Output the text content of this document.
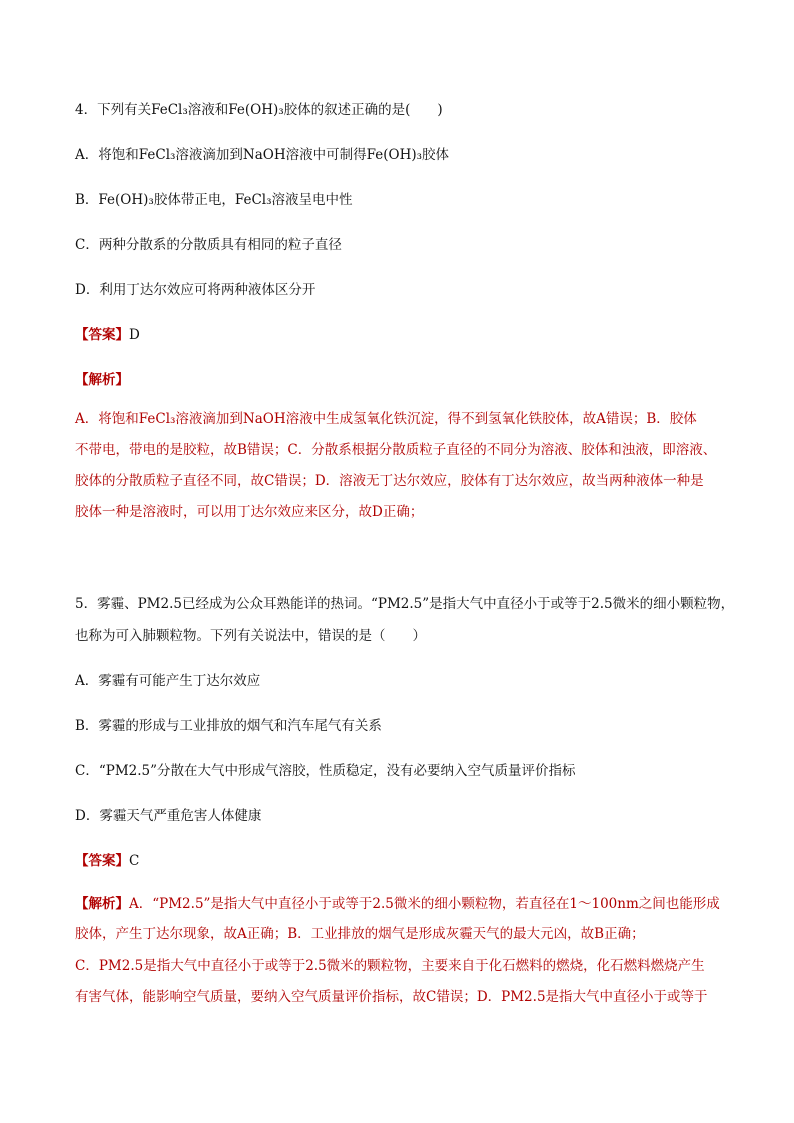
4．下列有关FeCl₃溶液和Fe(OH)₃胶体的叙述正确的是(　　)
A．将饱和FeCl₃溶液滴加到NaOH溶液中可制得Fe(OH)₃胶体
B．Fe(OH)₃胶体带正电，FeCl₃溶液呈电中性
C．两种分散系的分散质具有相同的粒子直径
D．利用丁达尔效应可将两种液体区分开
【答案】D
【解析】
A．将饱和FeCl₃溶液滴加到NaOH溶液中生成氢氧化铁沉淀，得不到氢氧化铁胶体，故A错误；B．胶体
不带电，带电的是胶粒，故B错误；C．分散系根据分散质粒子直径的不同分为溶液、胶体和浊液，即溶液、
胶体的分散质粒子直径不同，故C错误；D．溶液无丁达尔效应，胶体有丁达尔效应，故当两种液体一种是
胶体一种是溶液时，可以用丁达尔效应来区分，故D正确；
5．雾霾、PM2.5已经成为公众耳熟能详的热词。“PM2.5”是指大气中直径小于或等于2.5微米的细小颗粒物，
也称为可入肺颗粒物。下列有关说法中，错误的是（　　）
A．雾霾有可能产生丁达尔效应
B．雾霾的形成与工业排放的烟气和汽车尾气有关系
C．“PM2.5”分散在大气中形成气溶胶，性质稳定，没有必要纳入空气质量评价指标
D．雾霾天气严重危害人体健康
【答案】C
【解析】A．“PM2.5”是指大气中直径小于或等于2.5微米的细小颗粒物，若直径在1～100nm之间也能形成
胶体，产生丁达尔现象，故A正确；B．工业排放的烟气是形成灰霾天气的最大元凶，故B正确；
C．PM2.5是指大气中直径小于或等于2.5微米的颗粒物，主要来自于化石燃料的燃烧，化石燃料燃烧产生
有害气体，能影响空气质量，要纳入空气质量评价指标，故C错误；D．PM2.5是指大气中直径小于或等于
